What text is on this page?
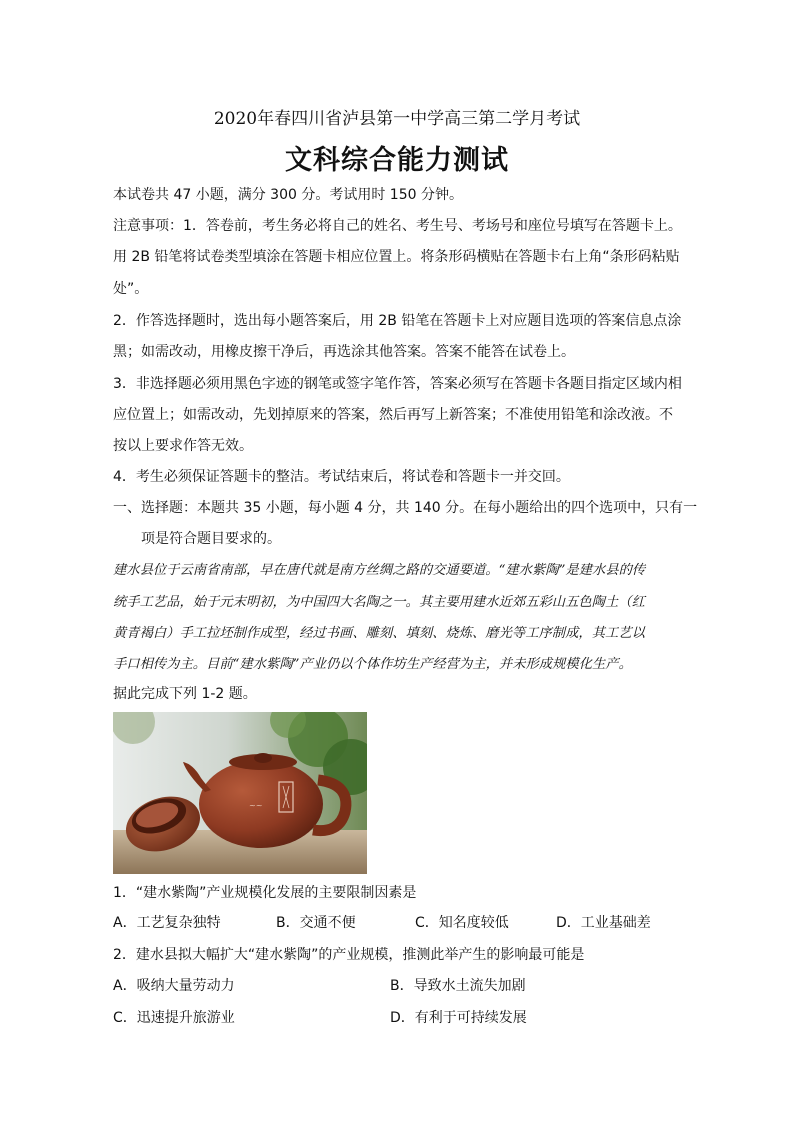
2020年春四川省泸县第一中学高三第二学月考试
文科综合能力测试
本试卷共 47 小题，满分 300 分。考试用时 150 分钟。
注意事项：1．答卷前，考生务必将自己的姓名、考生号、考场号和座位号填写在答题卡上。
用 2B 铅笔将试卷类型填涂在答题卡相应位置上。将条形码横贴在答题卡右上角“条形码粘贴
处”。
2．作答选择题时，选出每小题答案后，用 2B 铅笔在答题卡上对应题目选项的答案信息点涂
黑；如需改动，用橡皮擦干净后，再选涂其他答案。答案不能答在试卷上。
3．非选择题必须用黑色字迹的钢笔或签字笔作答，答案必须写在答题卡各题目指定区域内相
应位置上；如需改动，先划掉原来的答案，然后再写上新答案；不准使用铅笔和涂改液。不
按以上要求作答无效。
4．考生必须保证答题卡的整洁。考试结束后，将试卷和答题卡一并交回。
一、选择题：本题共 35 小题，每小题 4 分，共 140 分。在每小题给出的四个选项中，只有一
项是符合题目要求的。
建水县位于云南省南部，早在唐代就是南方丝绸之路的交通要道。“建水紫陶”是建水县的传
统手工艺品，始于元末明初，为中国四大名陶之一。其主要用建水近郊五彩山五色陶土（红
黄青褐白）手工拉坯制作成型，经过书画、雕刻、填刻、烧炼、磨光等工序制成，其工艺以
手口相传为主。目前“建水紫陶”产业仍以个体作坊生产经营为主，并未形成规模化生产。
据此完成下列 1-2 题。
~~
1．“建水紫陶”产业规模化发展的主要限制因素是
A．工艺复杂独特	B．交通不便	C．知名度较低	D．工业基础差
2．建水县拟大幅扩大“建水紫陶”的产业规模，推测此举产生的影响最可能是
A．吸纳大量劳动力	B．导致水土流失加剧
C．迅速提升旅游业	D．有利于可持续发展
